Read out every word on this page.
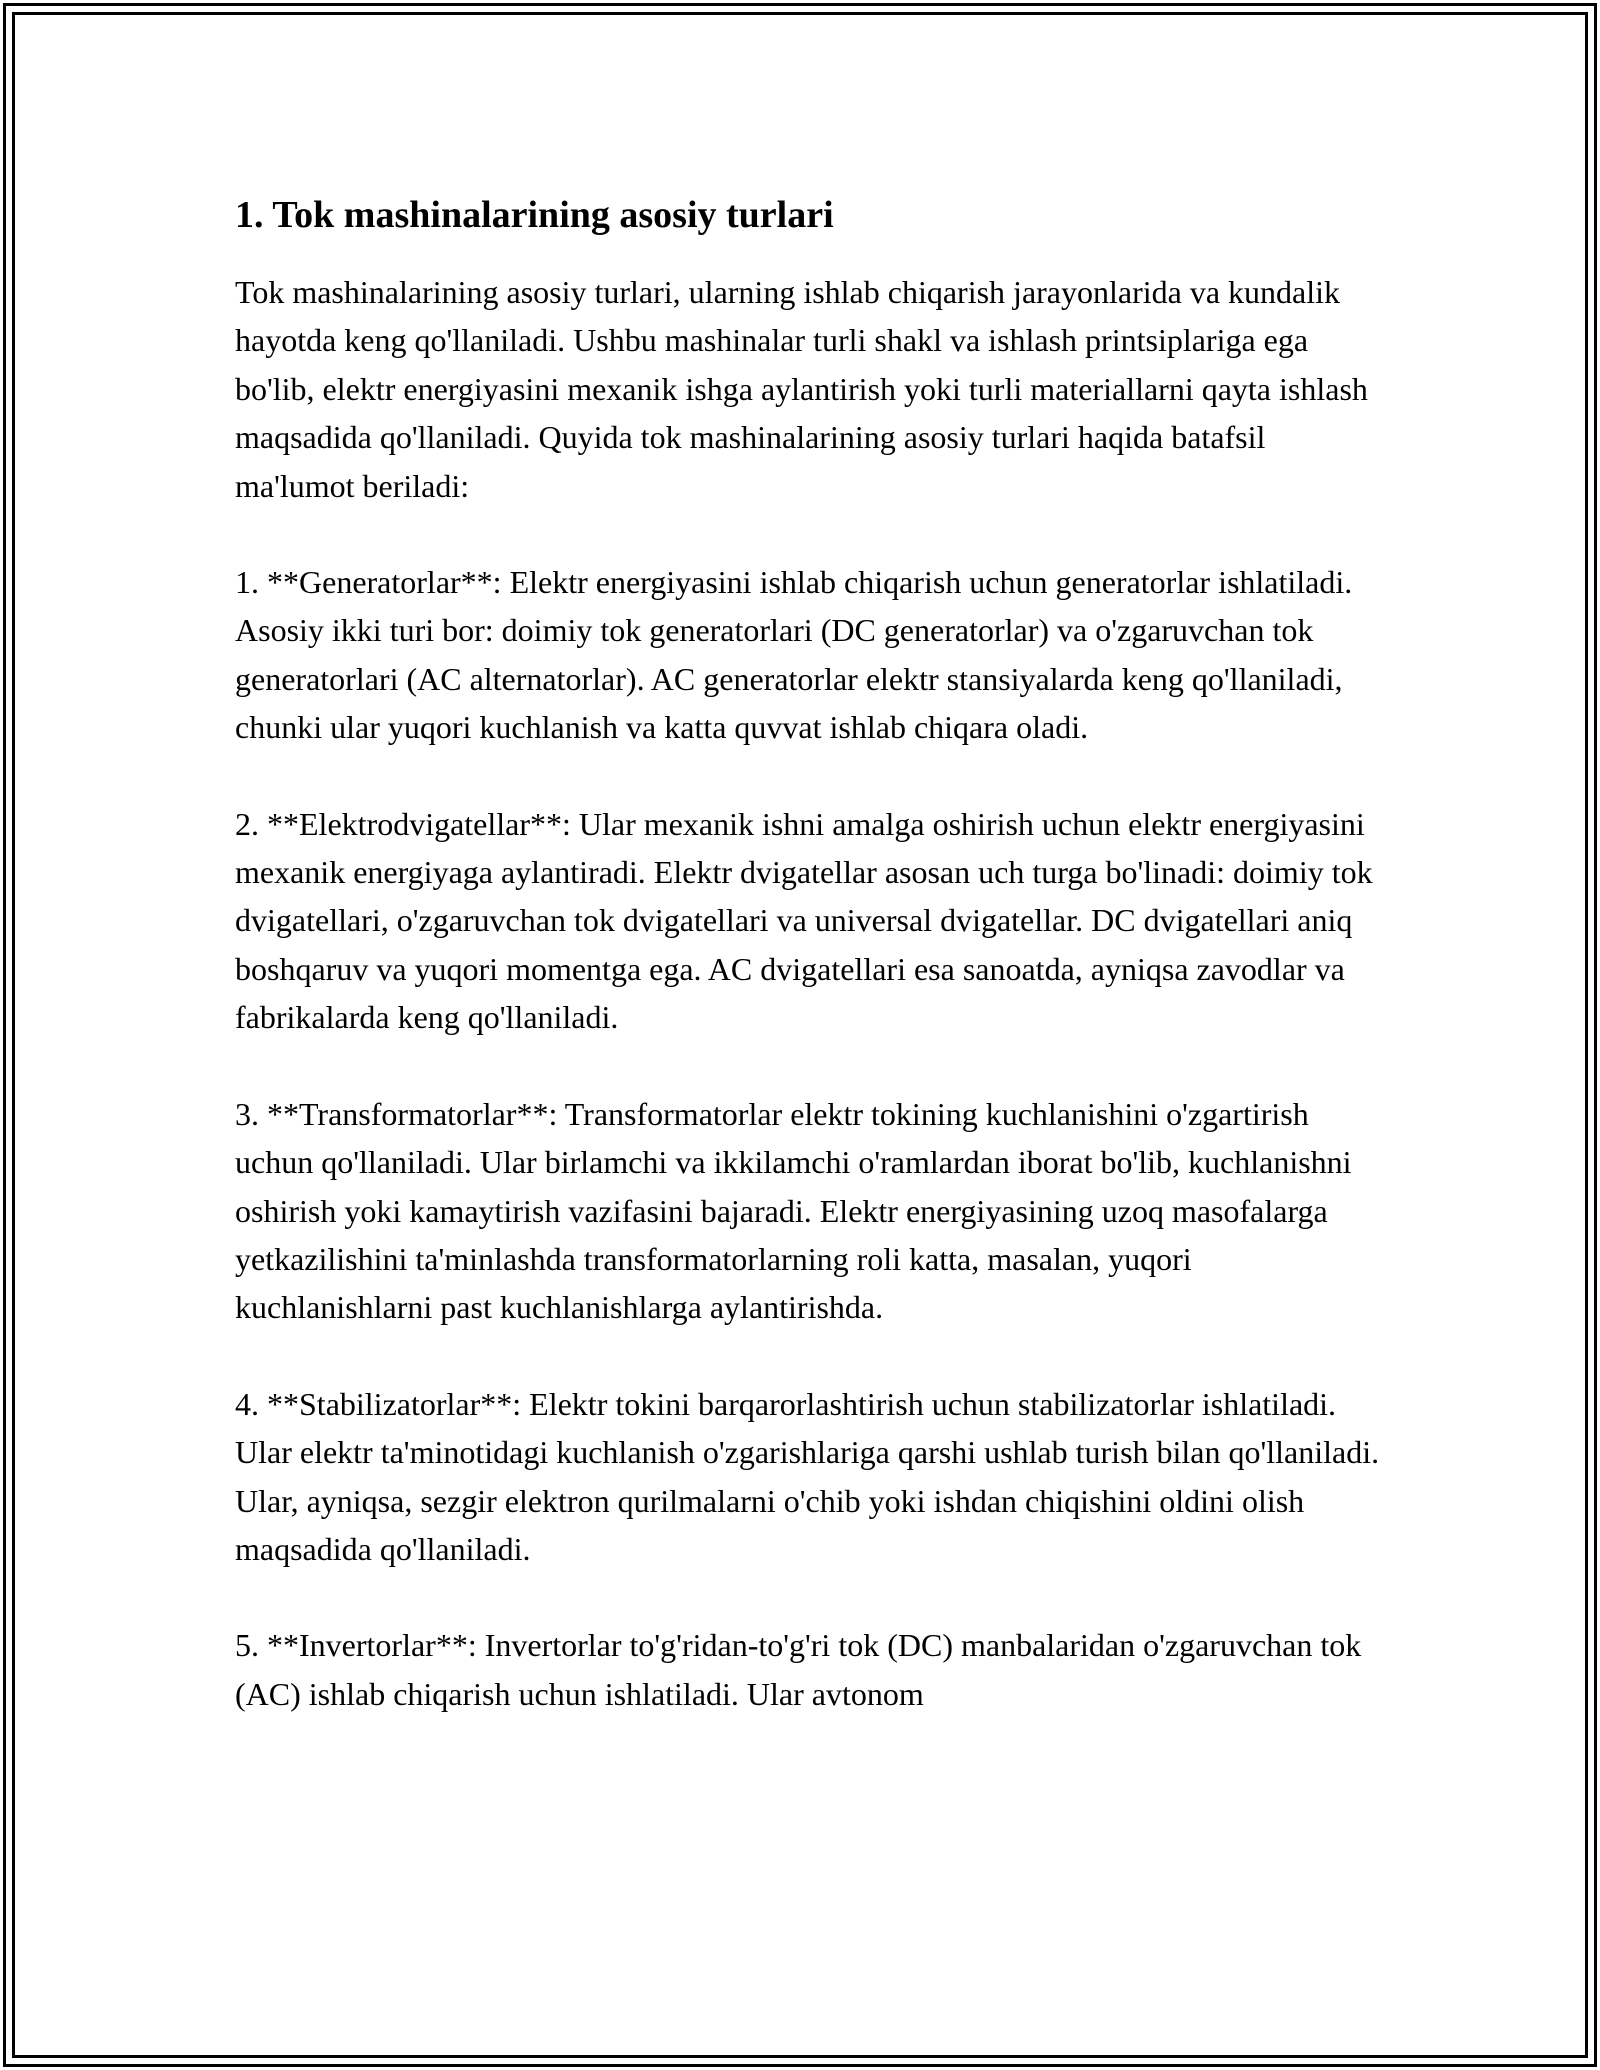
1. Tok mashinalarining asosiy turlari

Tok mashinalarining asosiy turlari, ularning ishlab chiqarish jarayonlarida va kundalik hayotda keng qo'llaniladi. Ushbu mashinalar turli shakl va ishlash printsiplariga ega bo'lib, elektr energiyasini mexanik ishga aylantirish yoki turli materiallarni qayta ishlash maqsadida qo'llaniladi. Quyida tok mashinalarining asosiy turlari haqida batafsil ma'lumot beriladi:

1. **Generatorlar**: Elektr energiyasini ishlab chiqarish uchun generatorlar ishlatiladi. Asosiy ikki turi bor: doimiy tok generatorlari (DC generatorlar) va o'zgaruvchan tok generatorlari (AC alternatorlar). AC generatorlar elektr stansiyalarda keng qo'llaniladi, chunki ular yuqori kuchlanish va katta quvvat ishlab chiqara oladi.

2. **Elektrodvigatellar**: Ular mexanik ishni amalga oshirish uchun elektr energiyasini mexanik energiyaga aylantiradi. Elektr dvigatellar asosan uch turga bo'linadi: doimiy tok dvigatellari, o'zgaruvchan tok dvigatellari va universal dvigatellar. DC dvigatellari aniq boshqaruv va yuqori momentga ega. AC dvigatellari esa sanoatda, ayniqsa zavodlar va fabrikalarda keng qo'llaniladi.

3. **Transformatorlar**: Transformatorlar elektr tokining kuchlanishini o'zgartirish uchun qo'llaniladi. Ular birlamchi va ikkilamchi o'ramlardan iborat bo'lib, kuchlanishni oshirish yoki kamaytirish vazifasini bajaradi. Elektr energiyasining uzoq masofalarga yetkazilishini ta'minlashda transformatorlarning roli katta, masalan, yuqori kuchlanishlarni past kuchlanishlarga aylantirishda.

4. **Stabilizatorlar**: Elektr tokini barqarorlashtirish uchun stabilizatorlar ishlatiladi. Ular elektr ta'minotidagi kuchlanish o'zgarishlariga qarshi ushlab turish bilan qo'llaniladi. Ular, ayniqsa, sezgir elektron qurilmalarni o'chib yoki ishdan chiqishini oldini olish maqsadida qo'llaniladi.

5. **Invertorlar**: Invertorlar to'g'ridan-to'g'ri tok (DC) manbalaridan o'zgaruvchan tok (AC) ishlab chiqarish uchun ishlatiladi. Ular avtonom
